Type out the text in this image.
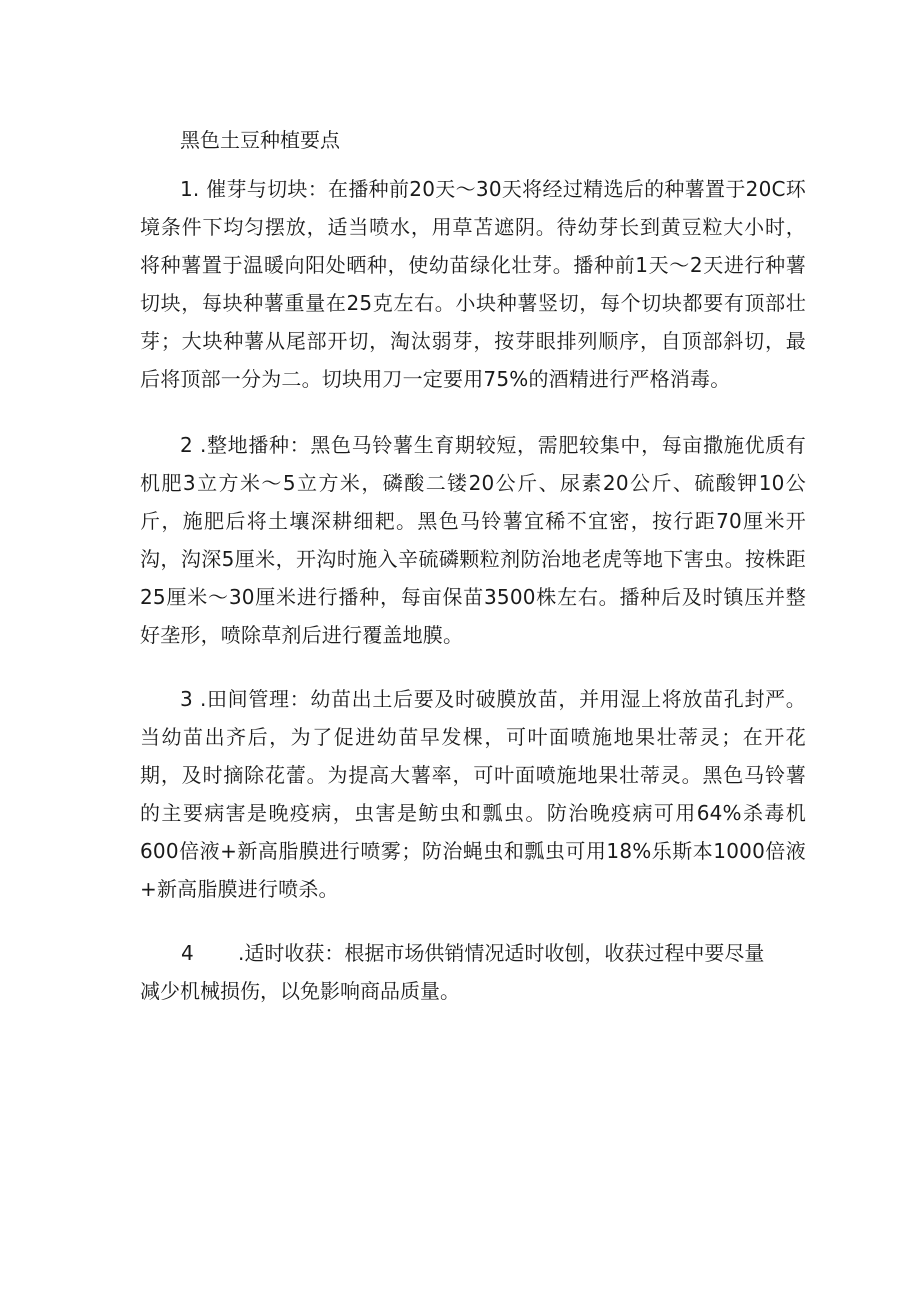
黑色土豆种植要点

1. 催芽与切块：在播种前20天～30天将经过精选后的种薯置于20C环境条件下均匀摆放，适当喷水，用草苫遮阴。待幼芽长到黄豆粒大小时，将种薯置于温暖向阳处晒种，使幼苗绿化壮芽。播种前1天～2天进行种薯切块，每块种薯重量在25克左右。小块种薯竖切，每个切块都要有顶部壮芽；大块种薯从尾部开切，淘汰弱芽，按芽眼排列顺序，自顶部斜切，最后将顶部一分为二。切块用刀一定要用75%的酒精进行严格消毒。

2 .整地播种：黑色马铃薯生育期较短，需肥较集中，每亩撒施优质有机肥3立方米～5立方米，磷酸二镂20公斤、尿素20公斤、硫酸钾10公斤，施肥后将土壤深耕细耙。黑色马铃薯宜稀不宜密，按行距70厘米开沟，沟深5厘米，开沟时施入辛硫磷颗粒剂防治地老虎等地下害虫。按株距25厘米～30厘米进行播种，每亩保苗3500株左右。播种后及时镇压并整好垄形，喷除草剂后进行覆盖地膜。

3 .田间管理：幼苗出土后要及时破膜放苗，并用湿上将放苗孔封严。当幼苗出齐后，为了促进幼苗早发棵，可叶面喷施地果壮蒂灵；在开花期，及时摘除花蕾。为提高大薯率，可叶面喷施地果壮蒂灵。黑色马铃薯的主要病害是晚疫病，虫害是鲂虫和瓢虫。防治晚疫病可用64%杀毒机600倍液+新高脂膜进行喷雾；防治蝇虫和瓢虫可用18%乐斯本1000倍液+新高脂膜进行喷杀。

4	.适时收获：根据市场供销情况适时收刨，收获过程中要尽量
减少机械损伤，以免影响商品质量。
